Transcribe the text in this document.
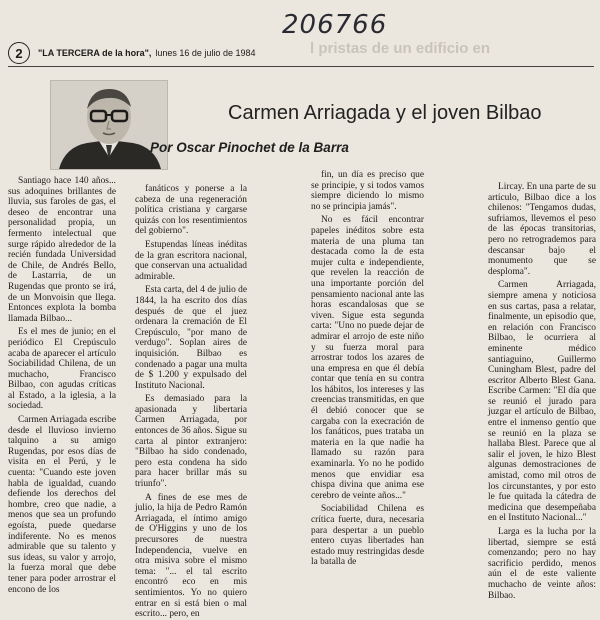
206766
l pristas de un edificio en
2	"LA TERCERA de la hora", lunes 16 de julio de 1984
Carmen Arriagada y el joven Bilbao
Por Oscar Pinochet de la Barra

Santiago hace 140 años... sus adoquines brillantes de lluvia, sus faroles de gas, el deseo de encontrar una personalidad propia, un fermento intelectual que surge rápido alrededor de la recién fundada Universidad de Chile, de Andrés Bello, de Lastarria, de un Rugendas que pronto se irá, de un Monvoisin que llega. Entonces explota la bomba llamada Bilbao...

Es el mes de junio; en el periódico El Crepúsculo acaba de aparecer el artículo Sociabilidad Chilena, de un muchacho, Francisco Bilbao, con agudas críticas al Estado, a la iglesia, a la sociedad.

Carmen Arriagada escribe desde el lluvioso invierno talquino a su amigo Rugendas, por esos días de visita en el Perú, y le cuenta: "Cuando este joven habla de igualdad, cuando defiende los derechos del hombre, creo que nadie, a menos que sea un profundo egoísta, puede quedarse indiferente. No es menos admirable que su talento y sus ideas, su valor y arrojo, la fuerza moral que debe tener para poder arrostrar el encono de los

fanáticos y ponerse a la cabeza de una regeneración política cristiana y cargarse quizás con los resentimientos del gobierno".

Estupendas líneas inéditas de la gran escritora nacional, que conservan una actualidad admirable.

Esta carta, del 4 de julio de 1844, la ha escrito dos días después de que el juez ordenara la cremación de El Crepúsculo, "por mano de verdugo". Soplan aires de inquisición. Bilbao es condenado a pagar una multa de $ 1.200 y expulsado del Instituto Nacional.

Es demasiado para la apasionada y libertaria Carmen Arriagada, por entonces de 36 años. Sigue su carta al pintor extranjero: "Bilbao ha sido condenado, pero esta condena ha sido para hacer brillar más su triunfo".

A fines de ese mes de julio, la hija de Pedro Ramón Arriagada, el íntimo amigo de O'Higgins y uno de los precursores de nuestra Independencia, vuelve en otra misiva sobre el mismo tema: "... el tal escrito encontró eco en mis sentimientos. Yo no quiero entrar en si está bien o mal escrito... pero, en

fin, un día es preciso que se principie, y si todos vamos siempre diciendo lo mismo no se principia jamás".

No es fácil encontrar papeles inéditos sobre esta materia de una pluma tan destacada como la de esta mujer culta e independiente, que revelen la reacción de una importante porción del pensamiento nacional ante las horas escandalosas que se viven. Sigue esta segunda carta: "Uno no puede dejar de admirar el arrojo de este niño y su fuerza moral para arrostrar todos los azares de una empresa en que él debía contar que tenía en su contra los hábitos, los intereses y las creencias transmitidas, en que él debió conocer que se cargaba con la execración de los fanáticos, pues trataba un materia en la que nadie ha llamado su razón para examinarla. Yo no he podido menos que envidiar esa chispa divina que anima ese cerebro de veinte años..."

Sociabilidad Chilena es crítica fuerte, dura, necesaria para despertar a un pueblo entero cuyas libertades han estado muy restringidas desde la batalla de

Lircay. En una parte de su artículo, Bilbao dice a los chilenos: "Tengamos dudas, sufriamos, llevemos el peso de las épocas transitorias, pero no retrogrademos para descansar bajo el monumento que se desploma".

Carmen Arriagada, siempre amena y noticiosa en sus cartas, pasa a relatar, finalmente, un episodio que, en relación con Francisco Bilbao, le ocurriera al eminente médico santiaguino, Guillermo Cuningham Blest, padre del escritor Alberto Blest Gana. Escribe Carmen: "El día que se reunió el jurado para juzgar el artículo de Bilbao, entre el inmenso gentío que se reunió en la plaza se hallaba Blest. Parece que al salir el joven, le hizo Blest algunas demostraciones de amistad, como mil otros de los circunstantes, y por esto le fue quitada la cátedra de medicina que desempeñaba en el Instituto Nacional..."

Larga es la lucha por la libertad, siempre se está comenzando; pero no hay sacrificio perdido, menos aún el de este valiente muchacho de veinte años: Bilbao.
